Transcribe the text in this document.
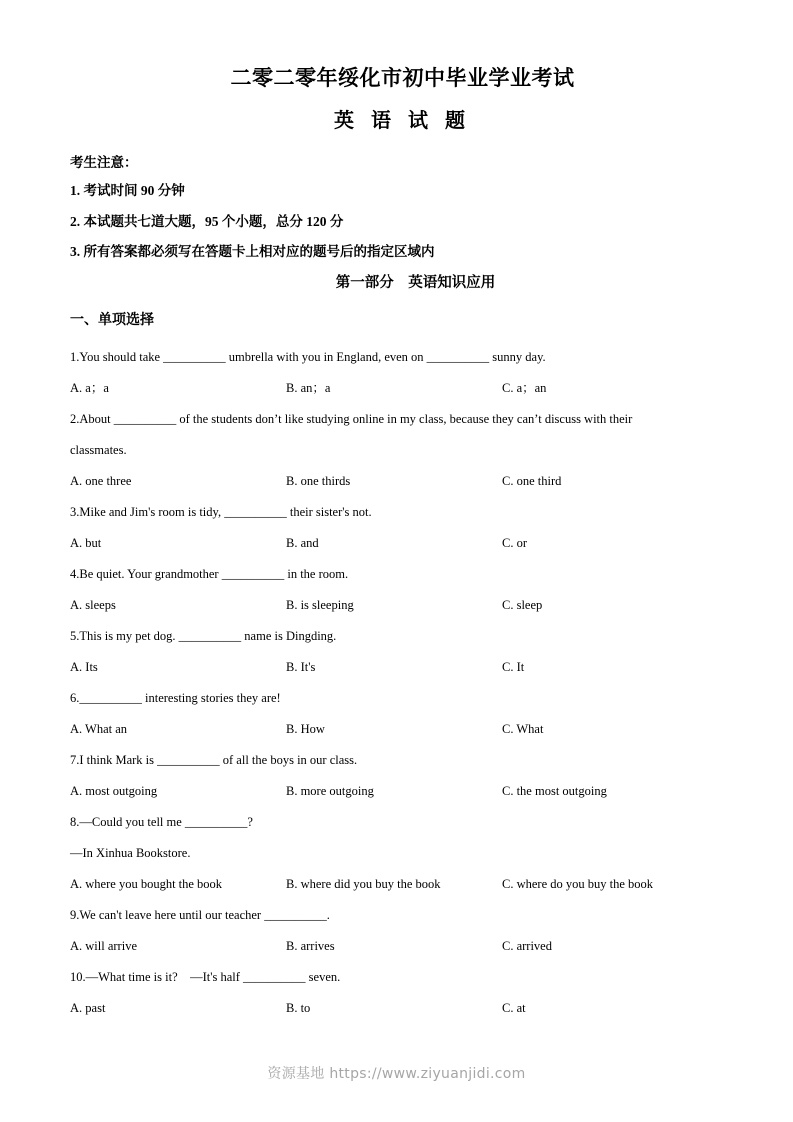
二零二零年绥化市初中毕业学业考试
英 语 试 题

考生注意：

1. 考试时间 90 分钟

2. 本试题共七道大题，95 个小题，总分 120 分

3. 所有答案都必须写在答题卡上相对应的题号后的指定区域内

第一部分　英语知识应用

一、单项选择

1.You should take __________ umbrella with you in England, even on __________ sunny day.

A. a；a	B. an；a	C. a；an

2.About __________ of the students don’t like studying online in my class, because they can’t discuss with their

classmates.

A. one three	B. one thirds	C. one third

3.Mike and Jim's room is tidy, __________ their sister's not.

A. but	B. and	C. or

4.Be quiet. Your grandmother __________ in the room.

A. sleeps	B. is sleeping	C. sleep

5.This is my pet dog. __________ name is Dingding.

A. Its	B. It's	C. It

6.__________ interesting stories they are!

A. What an	B. How	C. What

7.I think Mark is __________ of all the boys in our class.

A. most outgoing	B. more outgoing	C. the most outgoing

8.—Could you tell me __________?

—In Xinhua Bookstore.

A. where you bought the book	B. where did you buy the book	C. where do you buy the book

9.We can't leave here until our teacher __________.

A. will arrive	B. arrives	C. arrived

10.—What time is it?　—It's half __________ seven.

A. past	B. to	C. at
资源基地 https://www.ziyuanjidi.com
